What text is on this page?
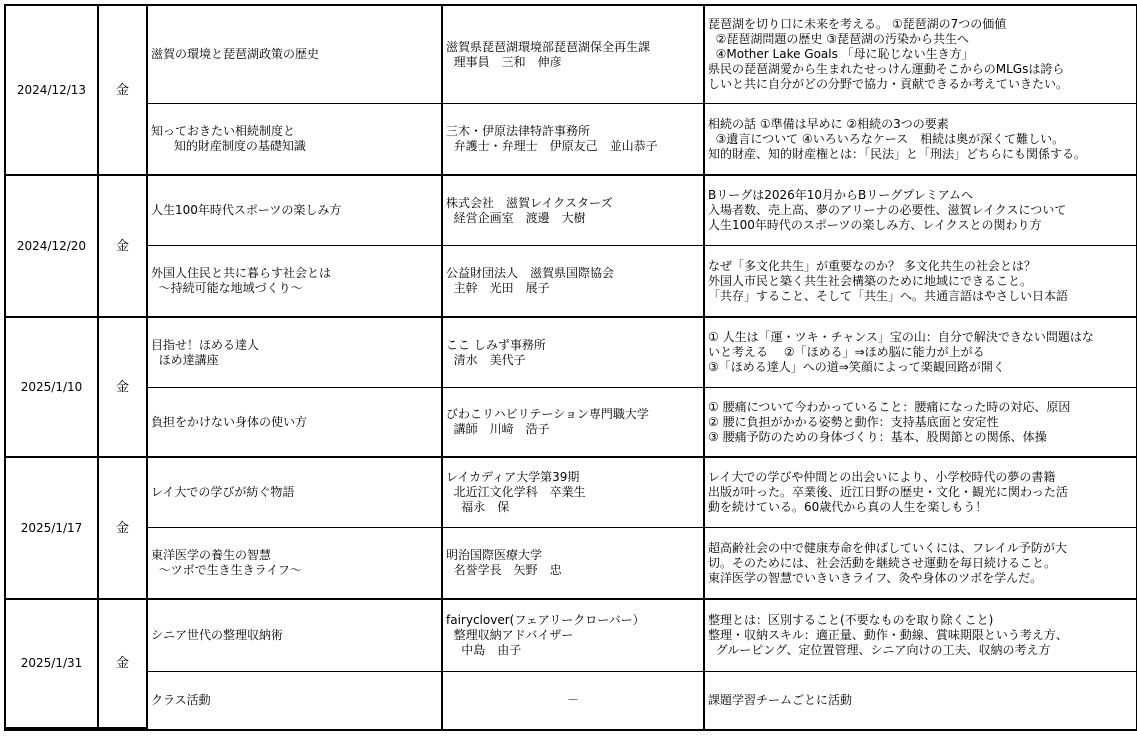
2024/12/13	金	滋賀の環境と琵琶湖政策の歴史	滋賀県琵琶湖環境部琵琶湖保全再生課
理事員　三和　伸彦	琵琶湖を切り口に未来を考える。 ①琵琶湖の7つの価値
②琵琶湖問題の歴史 ③琵琶湖の汚染から共生へ
④Mother Lake Goals 「母に恥じない生き方」
県民の琵琶湖愛から生まれたせっけん運動そこからのMLGsは誇ら
しいと共に自分がどの分野で協力・貢献できるか考えていきたい。

		知っておきたい相続制度と
知的財産制度の基礎知識	三木・伊原法律特許事務所
弁護士・弁理士　伊原友己　並山恭子	相続の話 ①準備は早めに ②相続の3つの要素
③遺言について ④いろいろなケース　相続は奥が深くて難しい。
知的財産、知的財産権とは：「民法」と「刑法」どちらにも関係する。

2024/12/20	金	人生100年時代スポーツの楽しみ方	株式会社　滋賀レイクスターズ
経営企画室　渡邊　大樹	Bリーグは2026年10月からBリーグプレミアムへ
入場者数、売上高、夢のアリーナの必要性、滋賀レイクスについて
人生100年時代のスポーツの楽しみ方、レイクスとの関わり方

		外国人住民と共に暮らす社会とは
～持続可能な地域づくり～	公益財団法人　滋賀県国際協会
主幹　光田　展子	なぜ「多文化共生」が重要なのか？ 多文化共生の社会とは？
外国人市民と築く共生社会構築のために地域にできること。
「共存」すること、そして「共生」へ。共通言語はやさしい日本語

2025/1/10	金	目指せ！ほめる達人
ほめ達講座	ここ しみず事務所
清水　美代子	① 人生は「運・ツキ・チャンス」宝の山：自分で解決できない問題はな
いと考える　 ②「ほめる」⇒ほめ脳に能力が上がる
③「ほめる達人」への道⇒笑顔によって楽観回路が開く

		負担をかけない身体の使い方	びわこリハビリテーション専門職大学
講師　川﨑　浩子	① 腰痛について今わかっていること：腰痛になった時の対応、原因
② 腰に負担がかかる姿勢と動作：支持基底面と安定性
③ 腰痛予防のための身体づくり：基本、股関節との関係、体操

2025/1/17	金	レイ大での学びが紡ぐ物語	レイカディア大学第39期
北近江文化学科　卒業生
福永　保	レイ大での学びや仲間との出会いにより、小学校時代の夢の書籍
出版が叶った。卒業後、近江日野の歴史・文化・観光に関わった活
動を続けている。60歳代から真の人生を楽しもう！

		東洋医学の養生の智慧
～ツボで生き生きライフ～	明治国際医療大学
名誉学長　矢野　忠	超高齢社会の中で健康寿命を伸ばしていくには、フレイル予防が大
切。そのためには、社会活動を継続させ運動を毎日続けること。
東洋医学の智慧でいきいきライフ、灸や身体のツボを学んだ。

2025/1/31	金	シニア世代の整理収納術	fairyclover(フェアリークローバー）
整理収納アドバイザー
中島　由子	整理とは：区別すること(不要なものを取り除くこと)
整理・収納スキル：適正量、動作・動線、賞味期限という考え方、
グルーピング、定位置管理、シニア向けの工夫、収納の考え方

		クラス活動	－	課題学習チームごとに活動
